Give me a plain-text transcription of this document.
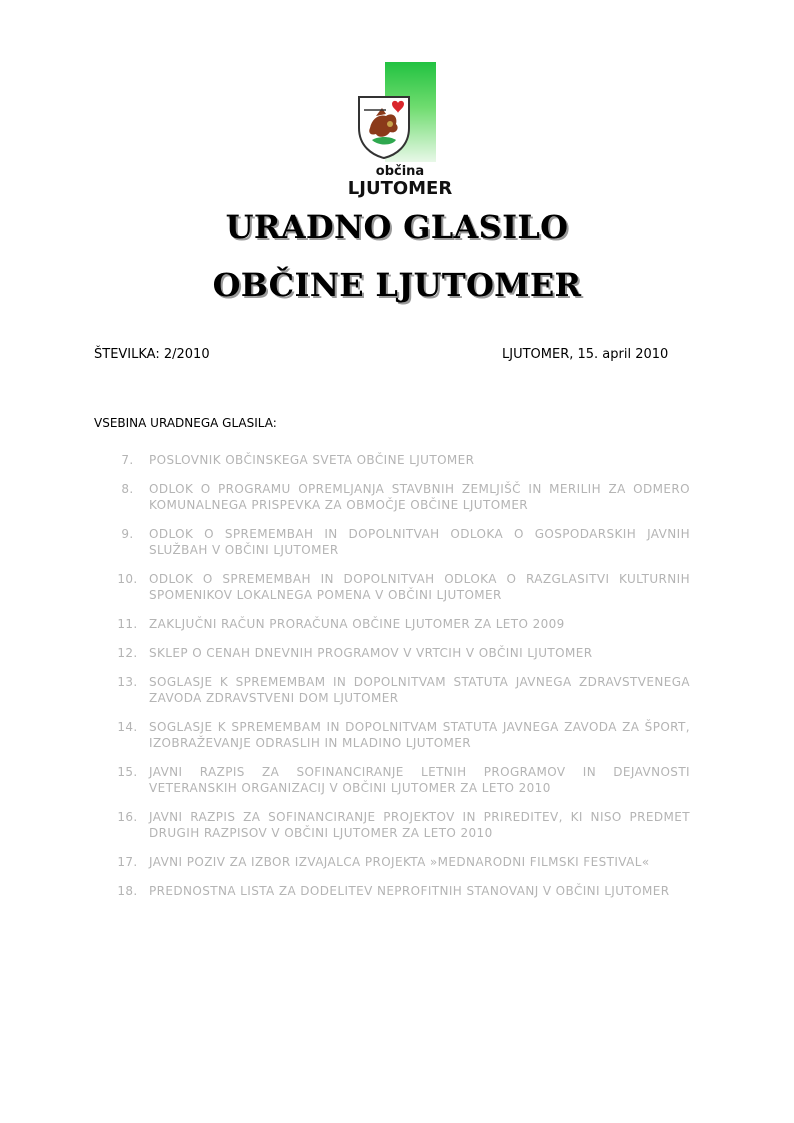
občina
LJUTOMER
URADNO GLASILO
OBČINE LJUTOMER
ŠTEVILKA: 2/2010	LJUTOMER, 15. april 2010
VSEBINA URADNEGA GLASILA:
7.	POSLOVNIK OBČINSKEGA SVETA OBČINE LJUTOMER
8.	ODLOK O PROGRAMU OPREMLJANJA STAVBNIH ZEMLJIŠČ IN MERILIH ZA ODMERO KOMUNALNEGA PRISPEVKA ZA OBMOČJE OBČINE LJUTOMER
9.	ODLOK O SPREMEMBAH IN DOPOLNITVAH ODLOKA O GOSPODARSKIH JAVNIH SLUŽBAH V OBČINI LJUTOMER
10. ODLOK O SPREMEMBAH IN DOPOLNITVAH ODLOKA O RAZGLASITVI KULTURNIH SPOMENIKOV LOKALNEGA POMENA V OBČINI LJUTOMER
11. ZAKLJUČNI RAČUN PRORAČUNA OBČINE LJUTOMER ZA LETO 2009
12. SKLEP O CENAH DNEVNIH PROGRAMOV V VRTCIH V OBČINI LJUTOMER
13. SOGLASJE K SPREMEMBAM IN DOPOLNITVAM STATUTA JAVNEGA ZDRAVSTVENEGA ZAVODA ZDRAVSTVENI DOM LJUTOMER
14. SOGLASJE K SPREMEMBAM IN DOPOLNITVAM STATUTA JAVNEGA ZAVODA ZA ŠPORT, IZOBRAŽEVANJE ODRASLIH IN MLADINO LJUTOMER
15. JAVNI RAZPIS ZA SOFINANCIRANJE LETNIH PROGRAMOV IN DEJAVNOSTI VETERANSKIH ORGANIZACIJ V OBČINI LJUTOMER ZA LETO 2010
16. JAVNI RAZPIS ZA SOFINANCIRANJE PROJEKTOV IN PRIREDITEV, KI NISO PREDMET DRUGIH RAZPISOV V OBČINI LJUTOMER ZA LETO 2010
17. JAVNI POZIV ZA IZBOR IZVAJALCA PROJEKTA »MEDNARODNI FILMSKI FESTIVAL«
18. PREDNOSTNA LISTA ZA DODELITEV NEPROFITNIH STANOVANJ V OBČINI LJUTOMER
